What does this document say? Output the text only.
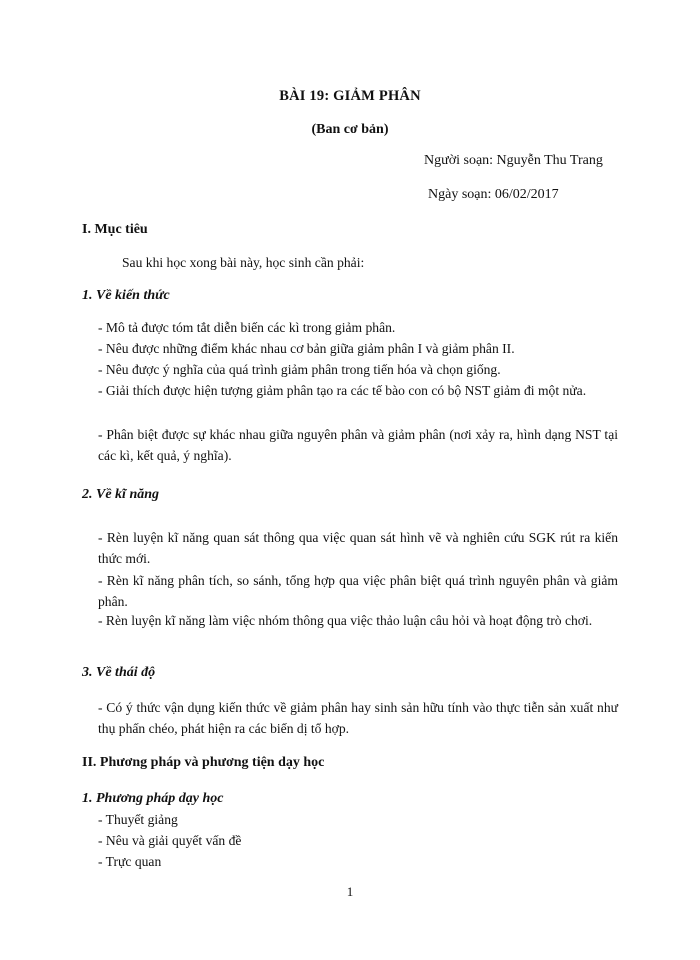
BÀI 19: GIẢM PHÂN
(Ban cơ bản)
Người soạn: Nguyễn Thu Trang
Ngày soạn: 06/02/2017
I. Mục tiêu
Sau khi học xong bài này, học sinh cần phải:
1. Về kiến thức
- Mô tả được tóm tắt diễn biến các kì trong giảm phân.
- Nêu được những điểm khác nhau cơ bản giữa giảm phân I và giảm phân II.
- Nêu được ý nghĩa của quá trình giảm phân trong tiến hóa và chọn giống.
- Giải thích được hiện tượng giảm phân tạo ra các tế bào con có bộ NST giảm đi một nửa.
- Phân biệt được sự khác nhau giữa nguyên phân và giảm phân (nơi xảy ra, hình dạng NST tại các kì, kết quả, ý nghĩa).
2. Về kĩ năng
- Rèn luyện kĩ năng quan sát thông qua việc quan sát hình vẽ và nghiên cứu SGK rút ra kiến thức mới.
- Rèn kĩ năng phân tích, so sánh, tổng hợp qua việc phân biệt quá trình nguyên phân và giảm phân.
- Rèn luyện kĩ năng làm việc nhóm thông qua việc thảo luận câu hỏi và hoạt động trò chơi.
3. Về thái độ
- Có ý thức vận dụng kiến thức về giảm phân hay sinh sản hữu tính vào thực tiễn sản xuất như thụ phấn chéo, phát hiện ra các biến dị tổ hợp.
II. Phương pháp và phương tiện dạy học
1. Phương pháp dạy học
- Thuyết giảng
- Nêu và giải quyết vấn đề
- Trực quan
1
